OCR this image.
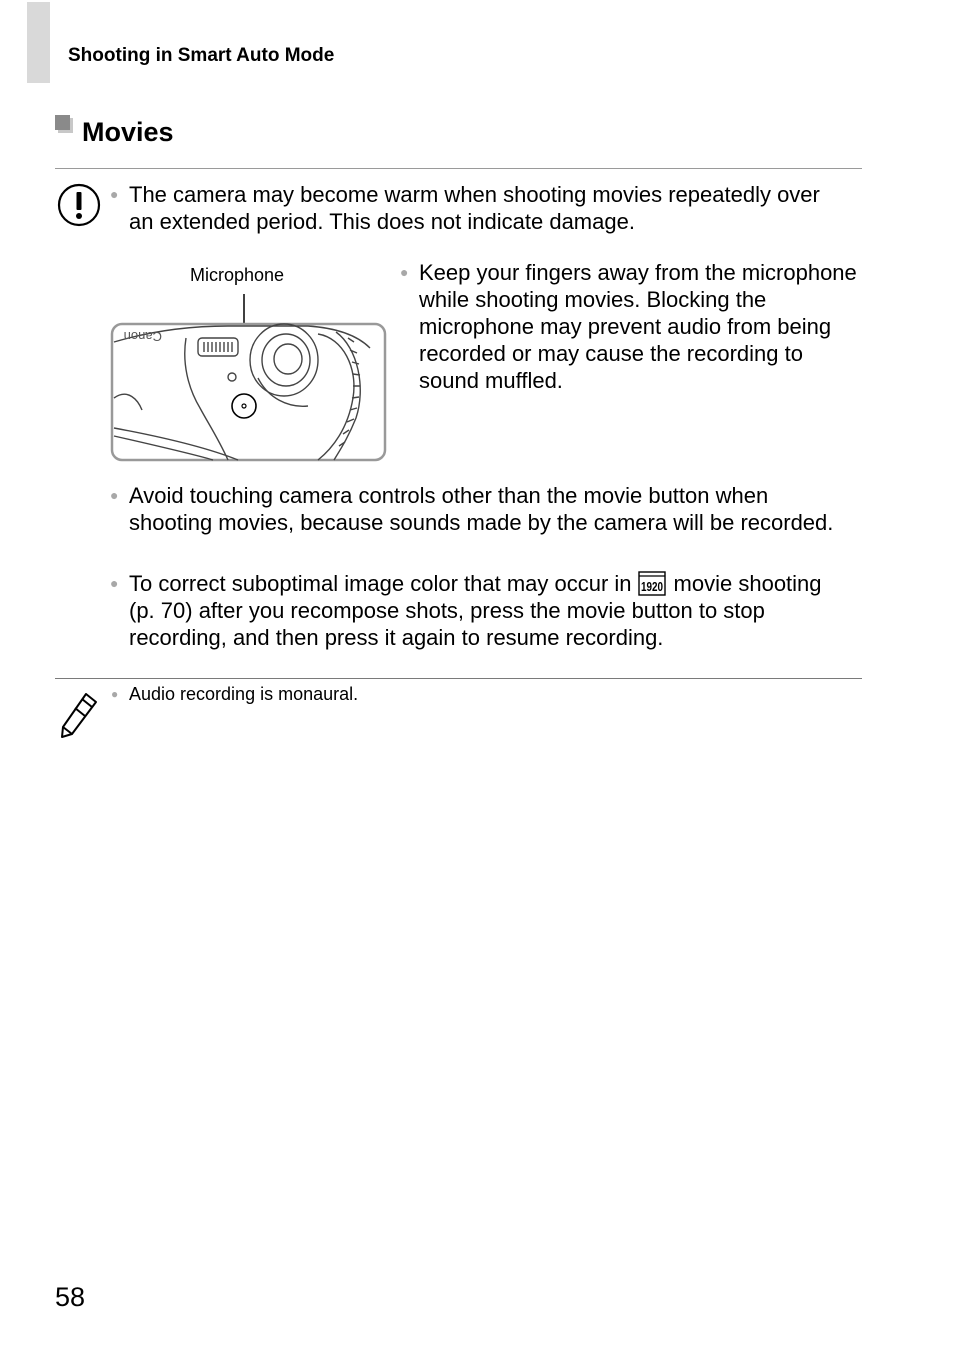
Shooting in Smart Auto Mode
Movies
● The camera may become warm when shooting movies repeatedly over an extended period. This does not indicate damage.
Microphone
Canon
● Keep your fingers away from the microphone while shooting movies. Blocking the microphone may prevent audio from being recorded or may cause the recording to sound muffled.
● Avoid touching camera controls other than the movie button when shooting movies, because sounds made by the camera will be recorded.
● To correct suboptimal image color that may occur in 1920 movie shooting (p. 70) after you recompose shots, press the movie button to stop recording, and then press it again to resume recording.
● Audio recording is monaural.
58
